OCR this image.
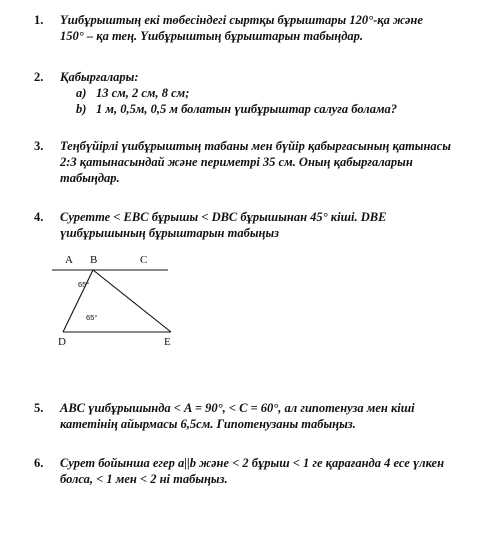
1. Үшбұрыштың екі төбесіндегі сыртқы бұрыштары 120°-қа және
150° – қа тең. Үшбұрыштың бұрыштарын табыңдар.
2. Қабырғалары:
a) 13 см, 2 см, 8 см;
b) 1 м, 0,5м, 0,5 м болатын үшбұрыштар салуға болама?
3. Теңбүйірлі үшбұрыштың табаны мен бүйір қабырғасының қатынасы
2:3 қатынасындай және периметрі 35 см. Оның қабырғаларын
табыңдар.
4. Суретте < EBC бұрышы < DBC бұрышынан 45° кіші. DBE
үшбұрышының бұрыштарын табыңыз
A B	C
D	E
65°
65°
5. ABC үшбұрышында < A = 90°, < C = 60°, ал гипотенуза мен кіші
катетінің айырмасы 6,5см. Гипотенузаны табыңыз.
6. Сурет бойынша егер a||b және < 2 бұрыш < 1 ге қарағанда 4 есе үлкен
болса, < 1 мен < 2 ні табыңыз.
